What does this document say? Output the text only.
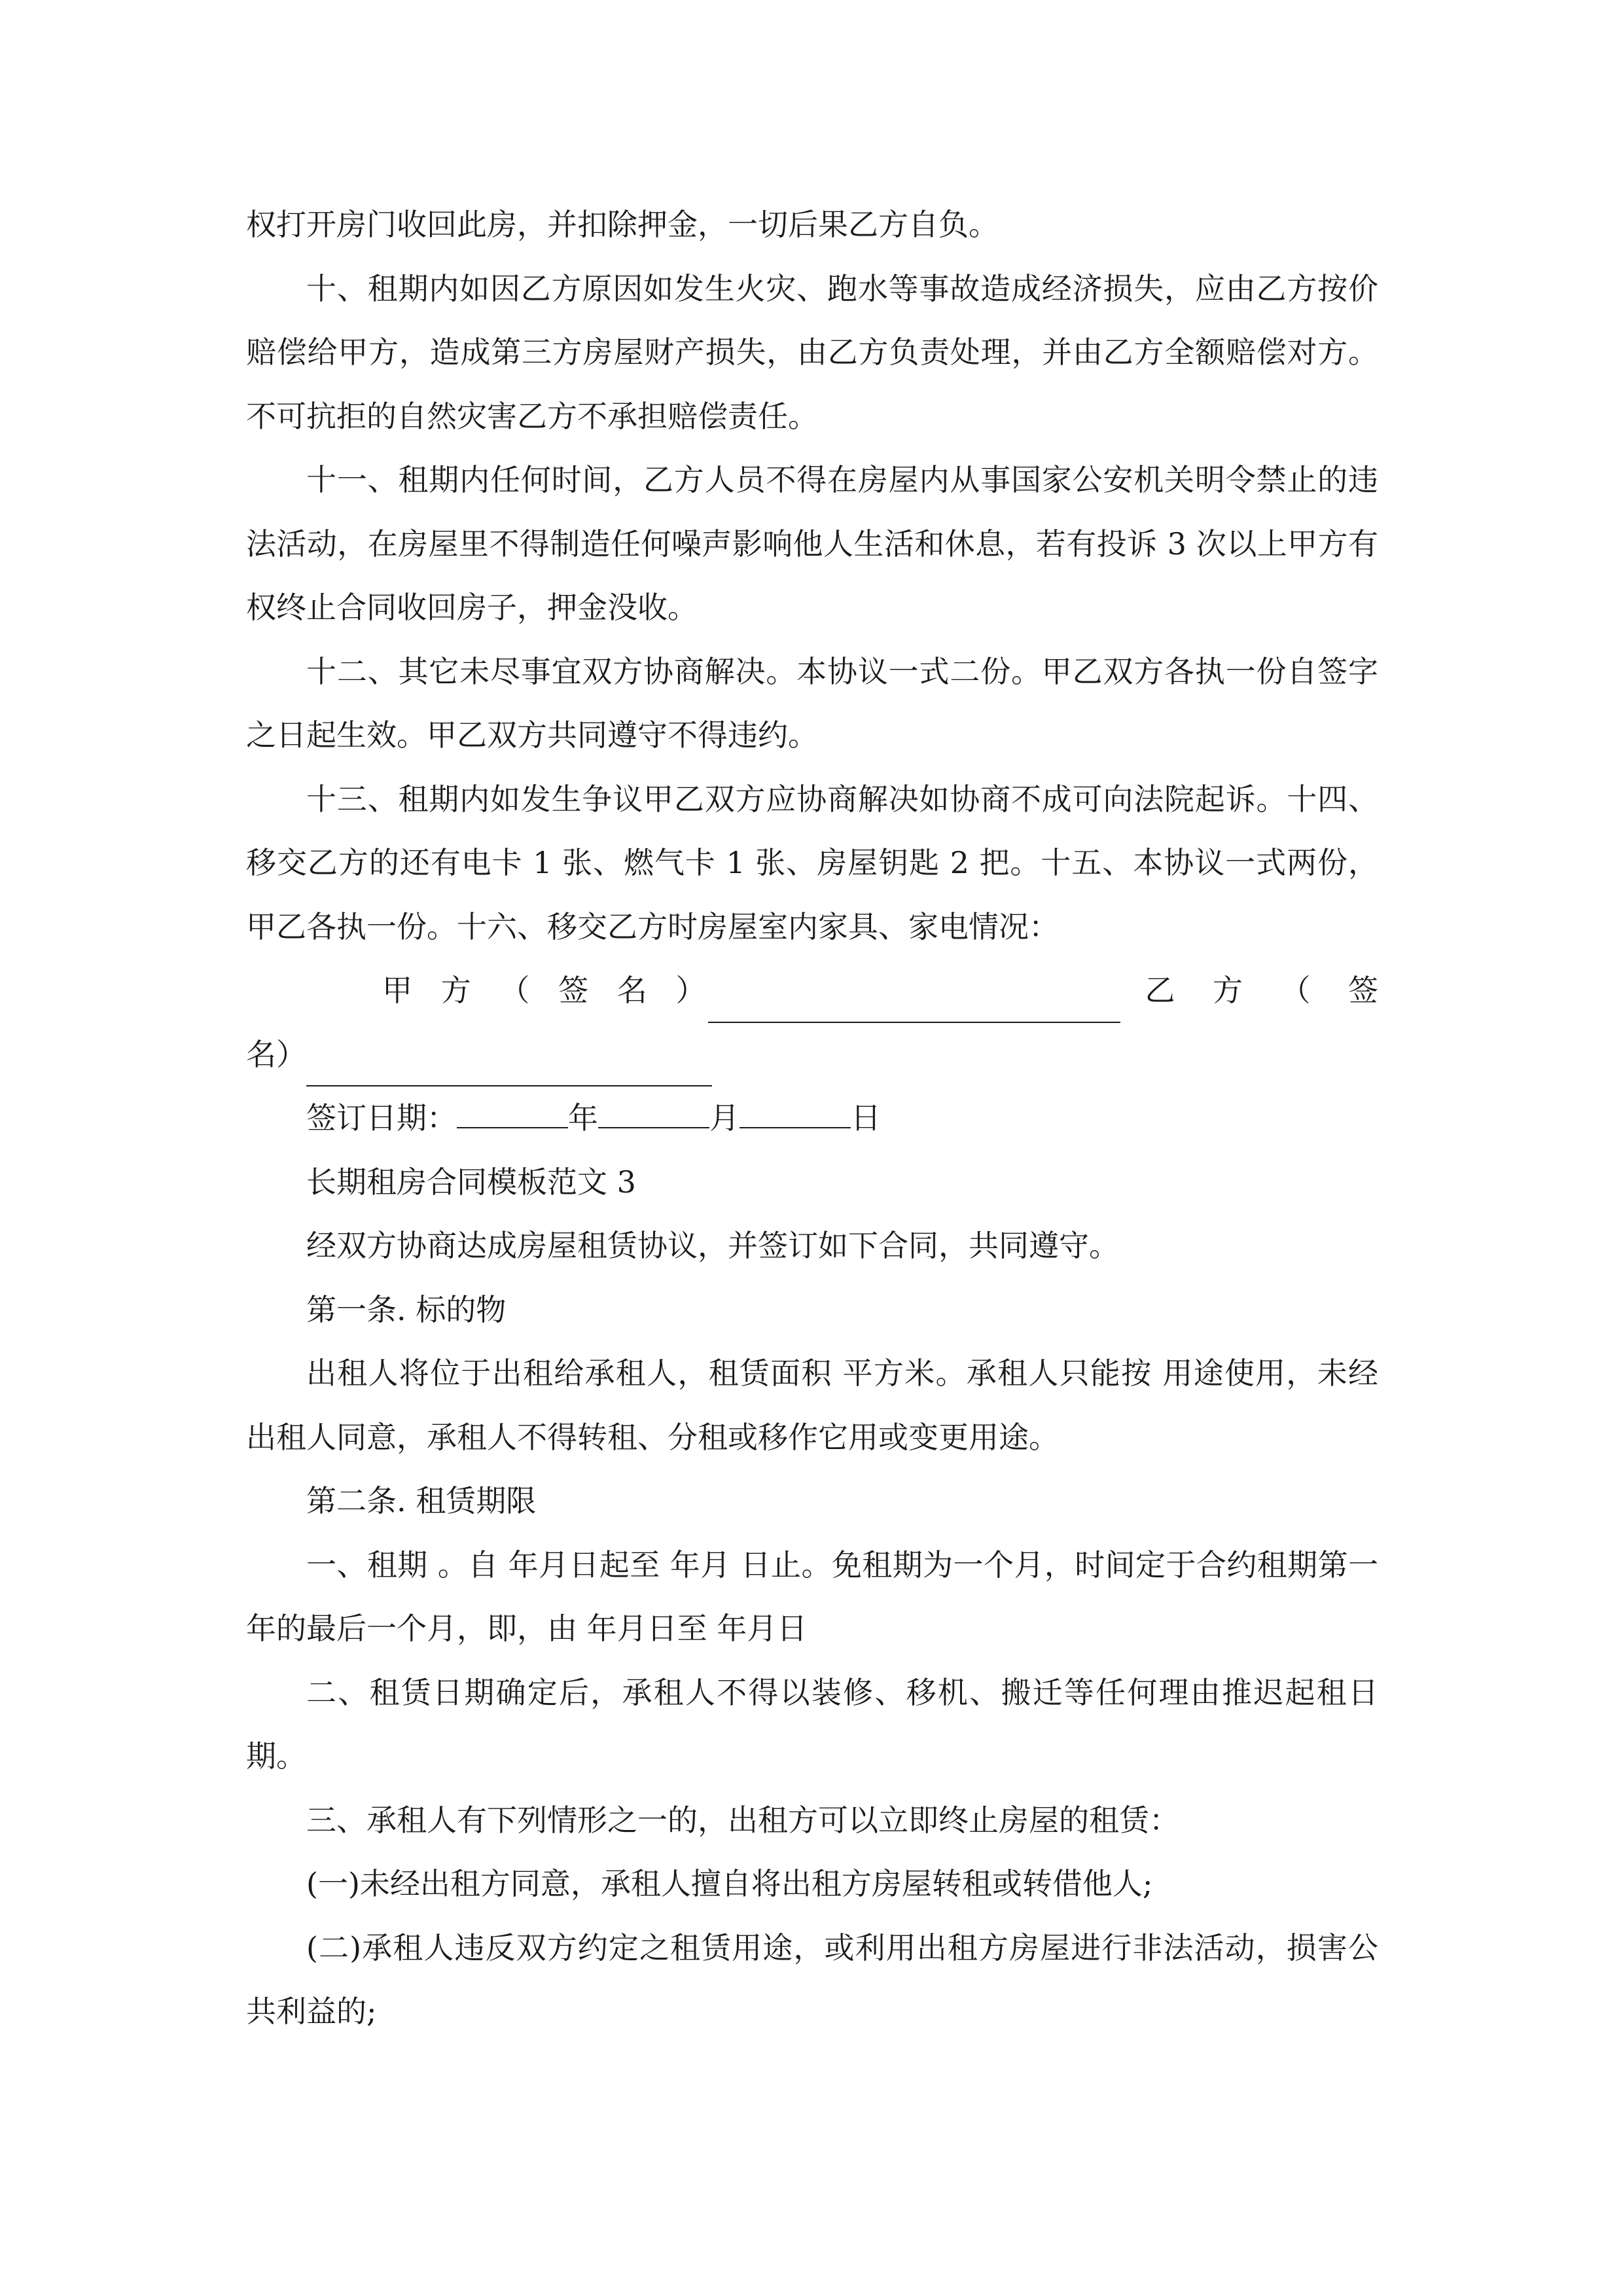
权打开房门收回此房，并扣除押金，一切后果乙方自负。

十、租期内如因乙方原因如发生火灾、跑水等事故造成经济损失，应由乙方按价赔偿给甲方，造成第三方房屋财产损失，由乙方负责处理，并由乙方全额赔偿对方。不可抗拒的自然灾害乙方不承担赔偿责任。

十一、租期内任何时间，乙方人员不得在房屋内从事国家公安机关明令禁止的违法活动，在房屋里不得制造任何噪声影响他人生活和休息，若有投诉 3 次以上甲方有权终止合同收回房子，押金没收。

十二、其它未尽事宜双方协商解决。本协议一式二份。甲乙双方各执一份自签字之日起生效。甲乙双方共同遵守不得违约。

十三、租期内如发生争议甲乙双方应协商解决如协商不成可向法院起诉。十四、移交乙方的还有电卡 1 张、燃气卡 1 张、房屋钥匙 2 把。十五、本协议一式两份，甲乙各执一份。十六、移交乙方时房屋室内家具、家电情况：

甲方（签名）	乙方（签
名）
签订日期：	年	月	日

长期租房合同模板范文 3

经双方协商达成房屋租赁协议，并签订如下合同，共同遵守。

第一条. 标的物

出租人将位于出租给承租人，租赁面积 平方米。承租人只能按 用途使用，未经出租人同意，承租人不得转租、分租或移作它用或变更用途。

第二条. 租赁期限

一、租期 。自 年月日起至 年月 日止。免租期为一个月，时间定于合约租期第一年的最后一个月，即，由 年月日至 年月日

二、租赁日期确定后，承租人不得以装修、移机、搬迁等任何理由推迟起租日期。

三、承租人有下列情形之一的，出租方可以立即终止房屋的租赁：

(一)未经出租方同意，承租人擅自将出租方房屋转租或转借他人;

(二)承租人违反双方约定之租赁用途，或利用出租方房屋进行非法活动，损害公共利益的;
